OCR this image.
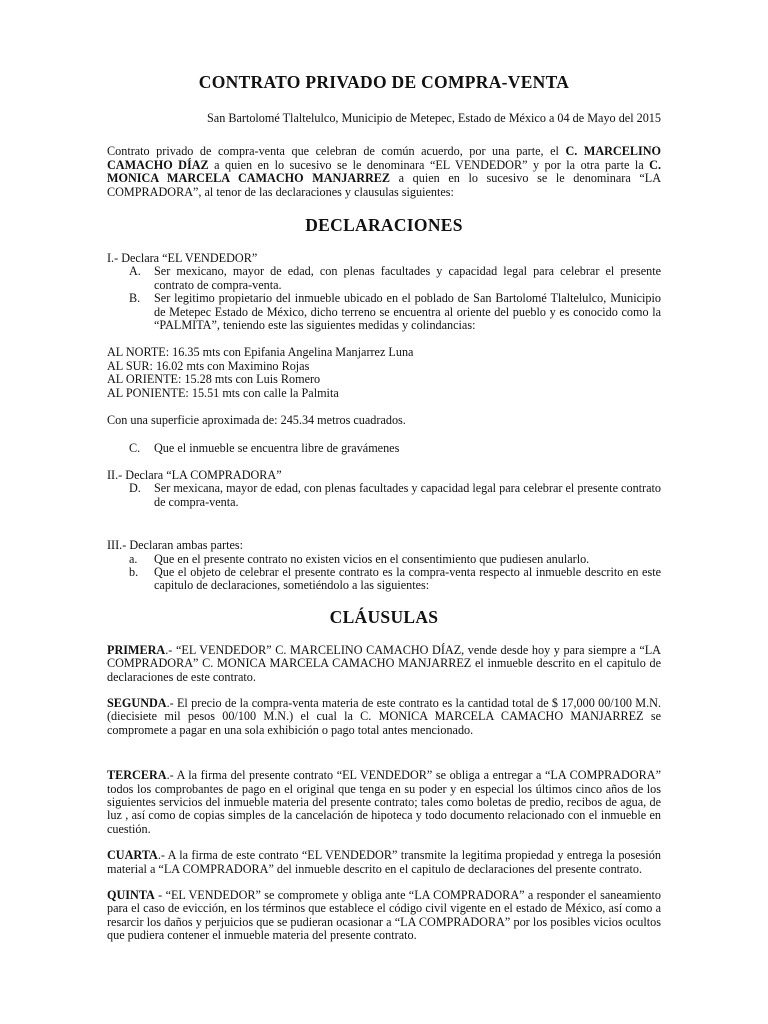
CONTRATO PRIVADO DE COMPRA-VENTA

San Bartolomé Tlaltelulco, Municipio de Metepec, Estado de México a 04 de Mayo del 2015

Contrato privado de compra-venta que celebran de común acuerdo, por una parte, el C. MARCELINO CAMACHO DÍAZ a quien en lo sucesivo se le denominara “EL VENDEDOR” y por la otra parte la C. MONICA MARCELA CAMACHO MANJARREZ a quien en lo sucesivo se le denominara “LA COMPRADORA”, al tenor de las declaraciones y clausulas siguientes:

DECLARACIONES

I.- Declara “EL VENDEDOR”

A. Ser mexicano, mayor de edad, con plenas facultades y capacidad legal para celebrar el presente contrato de compra-venta.
B. Ser legitimo propietario del inmueble ubicado en el poblado de San Bartolomé Tlaltelulco, Municipio de Metepec Estado de México, dicho terreno se encuentra al oriente del pueblo y es conocido como la “PALMITA”, teniendo este las siguientes medidas y colindancias:

AL NORTE: 16.35 mts con Epifania Angelina Manjarrez Luna

AL SUR: 16.02 mts con Maximino Rojas

AL ORIENTE: 15.28 mts con Luis Romero

AL PONIENTE: 15.51 mts con calle la Palmita

Con una superficie aproximada de: 245.34 metros cuadrados.

C. Que el inmueble se encuentra libre de gravámenes

II.- Declara “LA COMPRADORA”

D. Ser mexicana, mayor de edad, con plenas facultades y capacidad legal para celebrar el presente contrato de compra-venta.

III.- Declaran ambas partes:

a. Que en el presente contrato no existen vicios en el consentimiento que pudiesen anularlo.
b. Que el objeto de celebrar el presente contrato es la compra-venta respecto al inmueble descrito en este capitulo de declaraciones, sometiéndolo a las siguientes:
CLÁUSULAS

PRIMERA.- “EL VENDEDOR” C. MARCELINO CAMACHO DÍAZ, vende desde hoy y para siempre a “LA COMPRADORA” C. MONICA MARCELA CAMACHO MANJARREZ el inmueble descrito en el capitulo de declaraciones de este contrato.

SEGUNDA.- El precio de la compra-venta materia de este contrato es la cantidad total de $ 17,000 00/100 M.N. (diecisiete mil pesos 00/100 M.N.) el cual la C. MONICA MARCELA CAMACHO MANJARREZ se compromete a pagar en una sola exhibición o pago total antes mencionado.

TERCERA.- A la firma del presente contrato “EL VENDEDOR” se obliga a entregar a “LA COMPRADORA” todos los comprobantes de pago en el original que tenga en su poder y en especial los últimos cinco años de los siguientes servicios del inmueble materia del presente contrato; tales como boletas de predio, recibos de agua, de luz , así como de copias simples de la cancelación de hipoteca y todo documento relacionado con el inmueble en cuestión.

CUARTA.- A la firma de este contrato “EL VENDEDOR” transmite la legitima propiedad y entrega la posesión material a “LA COMPRADORA” del inmueble descrito en el capitulo de declaraciones del presente contrato.

QUINTA - “EL VENDEDOR” se compromete y obliga ante “LA COMPRADORA” a responder el saneamiento para el caso de evicción, en los términos que establece el código civil vigente en el estado de México, así como a resarcir los daños y perjuicios que se pudieran ocasionar a “LA COMPRADORA” por los posibles vicios ocultos que pudiera contener el inmueble materia del presente contrato.
